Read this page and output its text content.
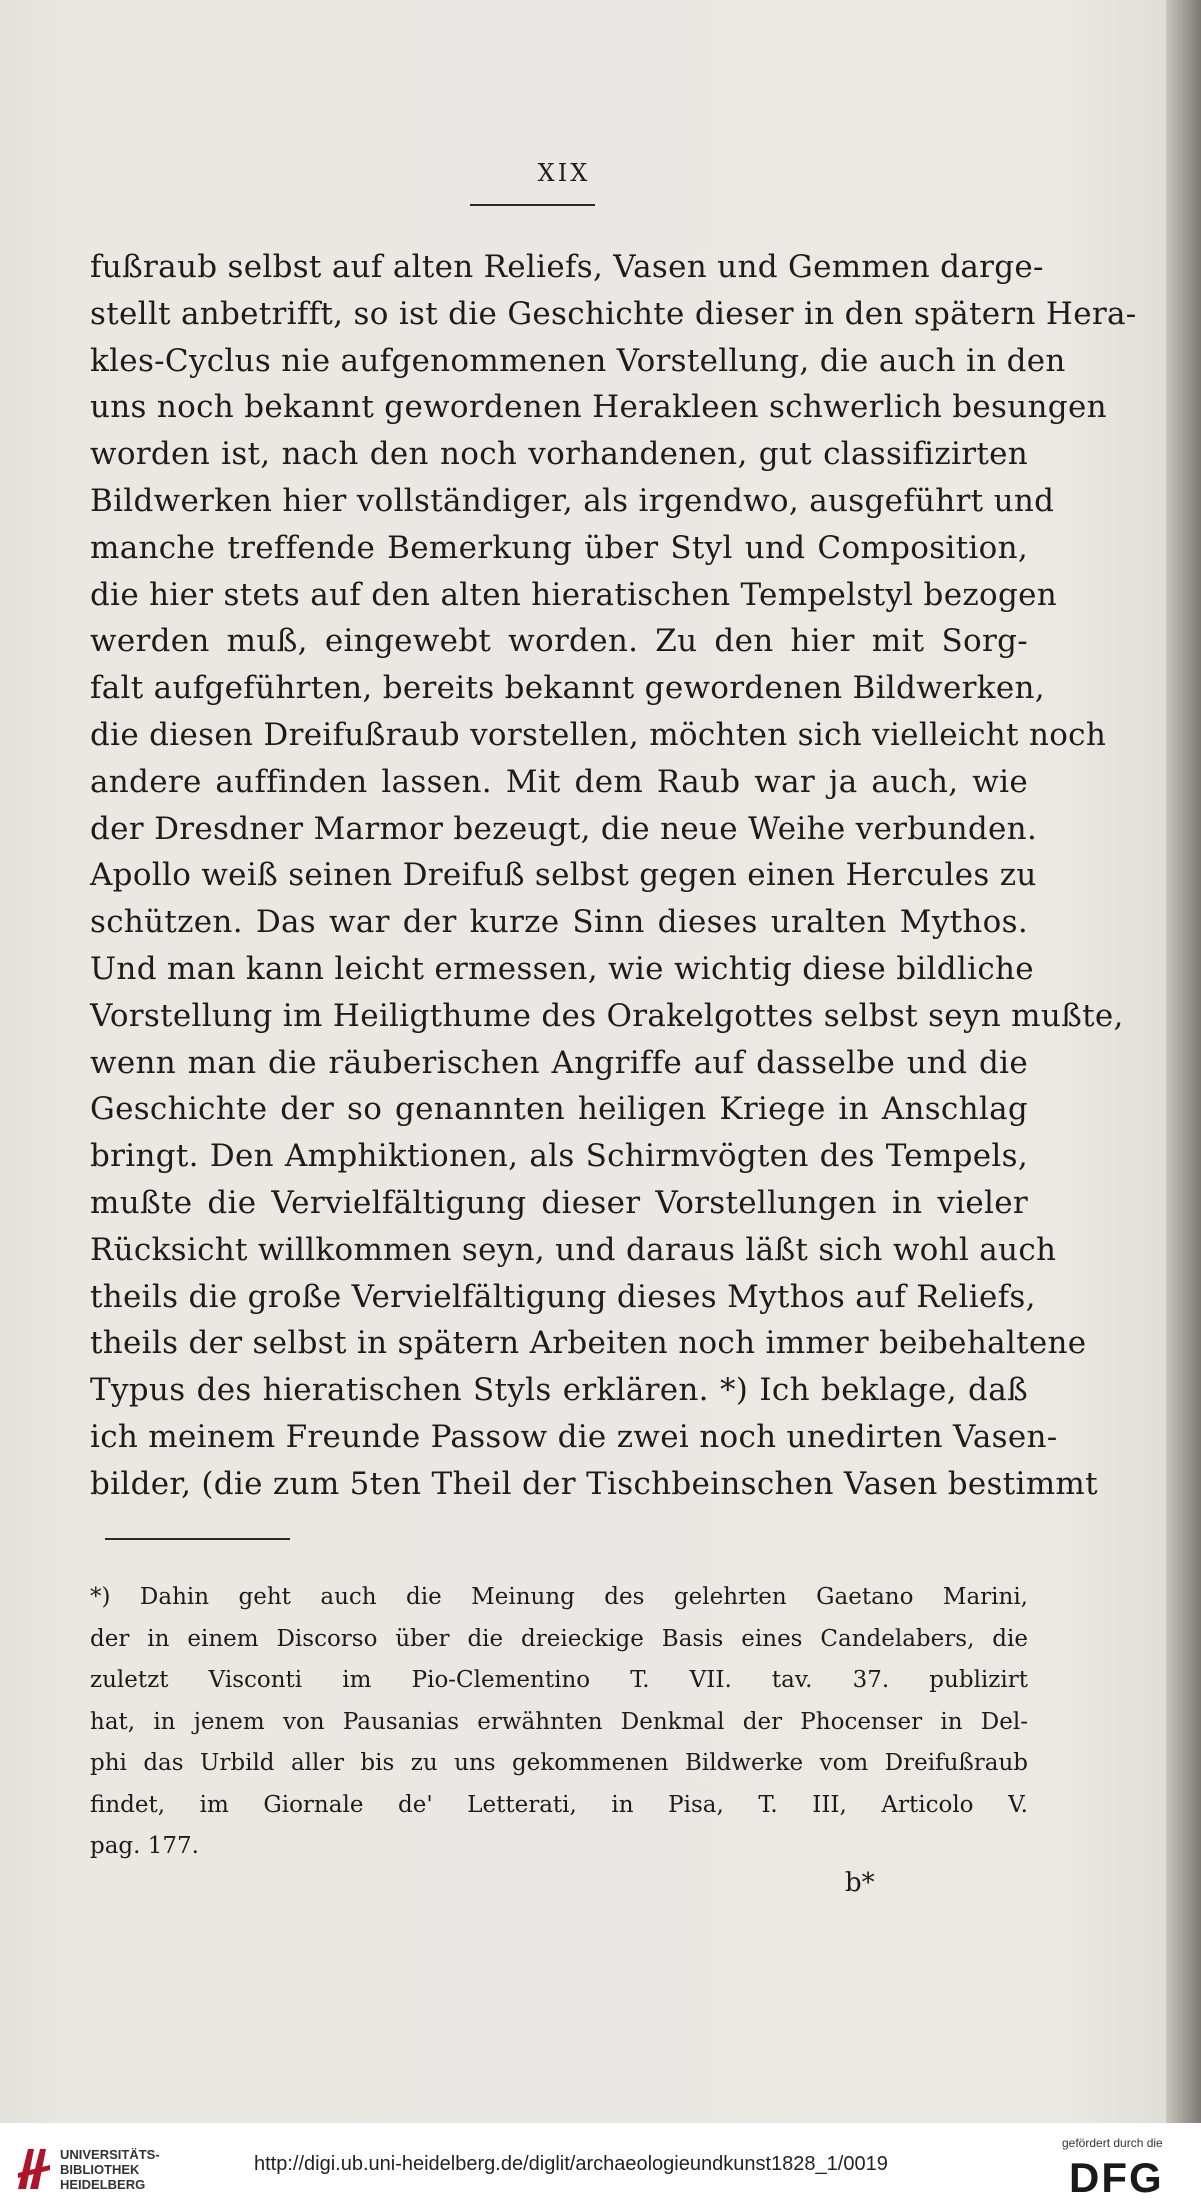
XIX
fußraub selbst auf alten Reliefs, Vasen und Gemmen darge-
stellt anbetrifft, so ist die Geschichte dieser in den spätern Hera-
kles-Cyclus nie aufgenommenen Vorstellung, die auch in den
uns noch bekannt gewordenen Herakleen schwerlich besungen
worden ist, nach den noch vorhandenen, gut classifizirten
Bildwerken hier vollständiger, als irgendwo, ausgeführt und
manche treffende Bemerkung über Styl und Composition,
die hier stets auf den alten hieratischen Tempelstyl bezogen
werden muß, eingewebt worden. Zu den hier mit Sorg-
falt aufgeführten, bereits bekannt gewordenen Bildwerken,
die diesen Dreifußraub vorstellen, möchten sich vielleicht noch
andere auffinden lassen. Mit dem Raub war ja auch, wie
der Dresdner Marmor bezeugt, die neue Weihe verbunden.
Apollo weiß seinen Dreifuß selbst gegen einen Hercules zu
schützen. Das war der kurze Sinn dieses uralten Mythos.
Und man kann leicht ermessen, wie wichtig diese bildliche
Vorstellung im Heiligthume des Orakelgottes selbst seyn mußte,
wenn man die räuberischen Angriffe auf dasselbe und die
Geschichte der so genannten heiligen Kriege in Anschlag
bringt. Den Amphiktionen, als Schirmvögten des Tempels,
mußte die Vervielfältigung dieser Vorstellungen in vieler
Rücksicht willkommen seyn, und daraus läßt sich wohl auch
theils die große Vervielfältigung dieses Mythos auf Reliefs,
theils der selbst in spätern Arbeiten noch immer beibehaltene
Typus des hieratischen Styls erklären. *) Ich beklage, daß
ich meinem Freunde Passow die zwei noch unedirten Vasen-
bilder, (die zum 5ten Theil der Tischbeinschen Vasen bestimmt
*) Dahin geht auch die Meinung des gelehrten Gaetano Marini,
der in einem Discorso über die dreieckige Basis eines Candelabers, die
zuletzt Visconti im Pio-Clementino T. VII. tav. 37. publizirt
hat, in jenem von Pausanias erwähnten Denkmal der Phocenser in Del-
phi das Urbild aller bis zu uns gekommenen Bildwerke vom Dreifußraub
findet, im Giornale de' Letterati, in Pisa, T. III, Articolo V.
pag. 177.
b*
UNIVERSITÄTS-
BIBLIOTHEK
HEIDELBERG
http://digi.ub.uni-heidelberg.de/diglit/archaeologieundkunst1828_1/0019
gefördert durch die
DFG
